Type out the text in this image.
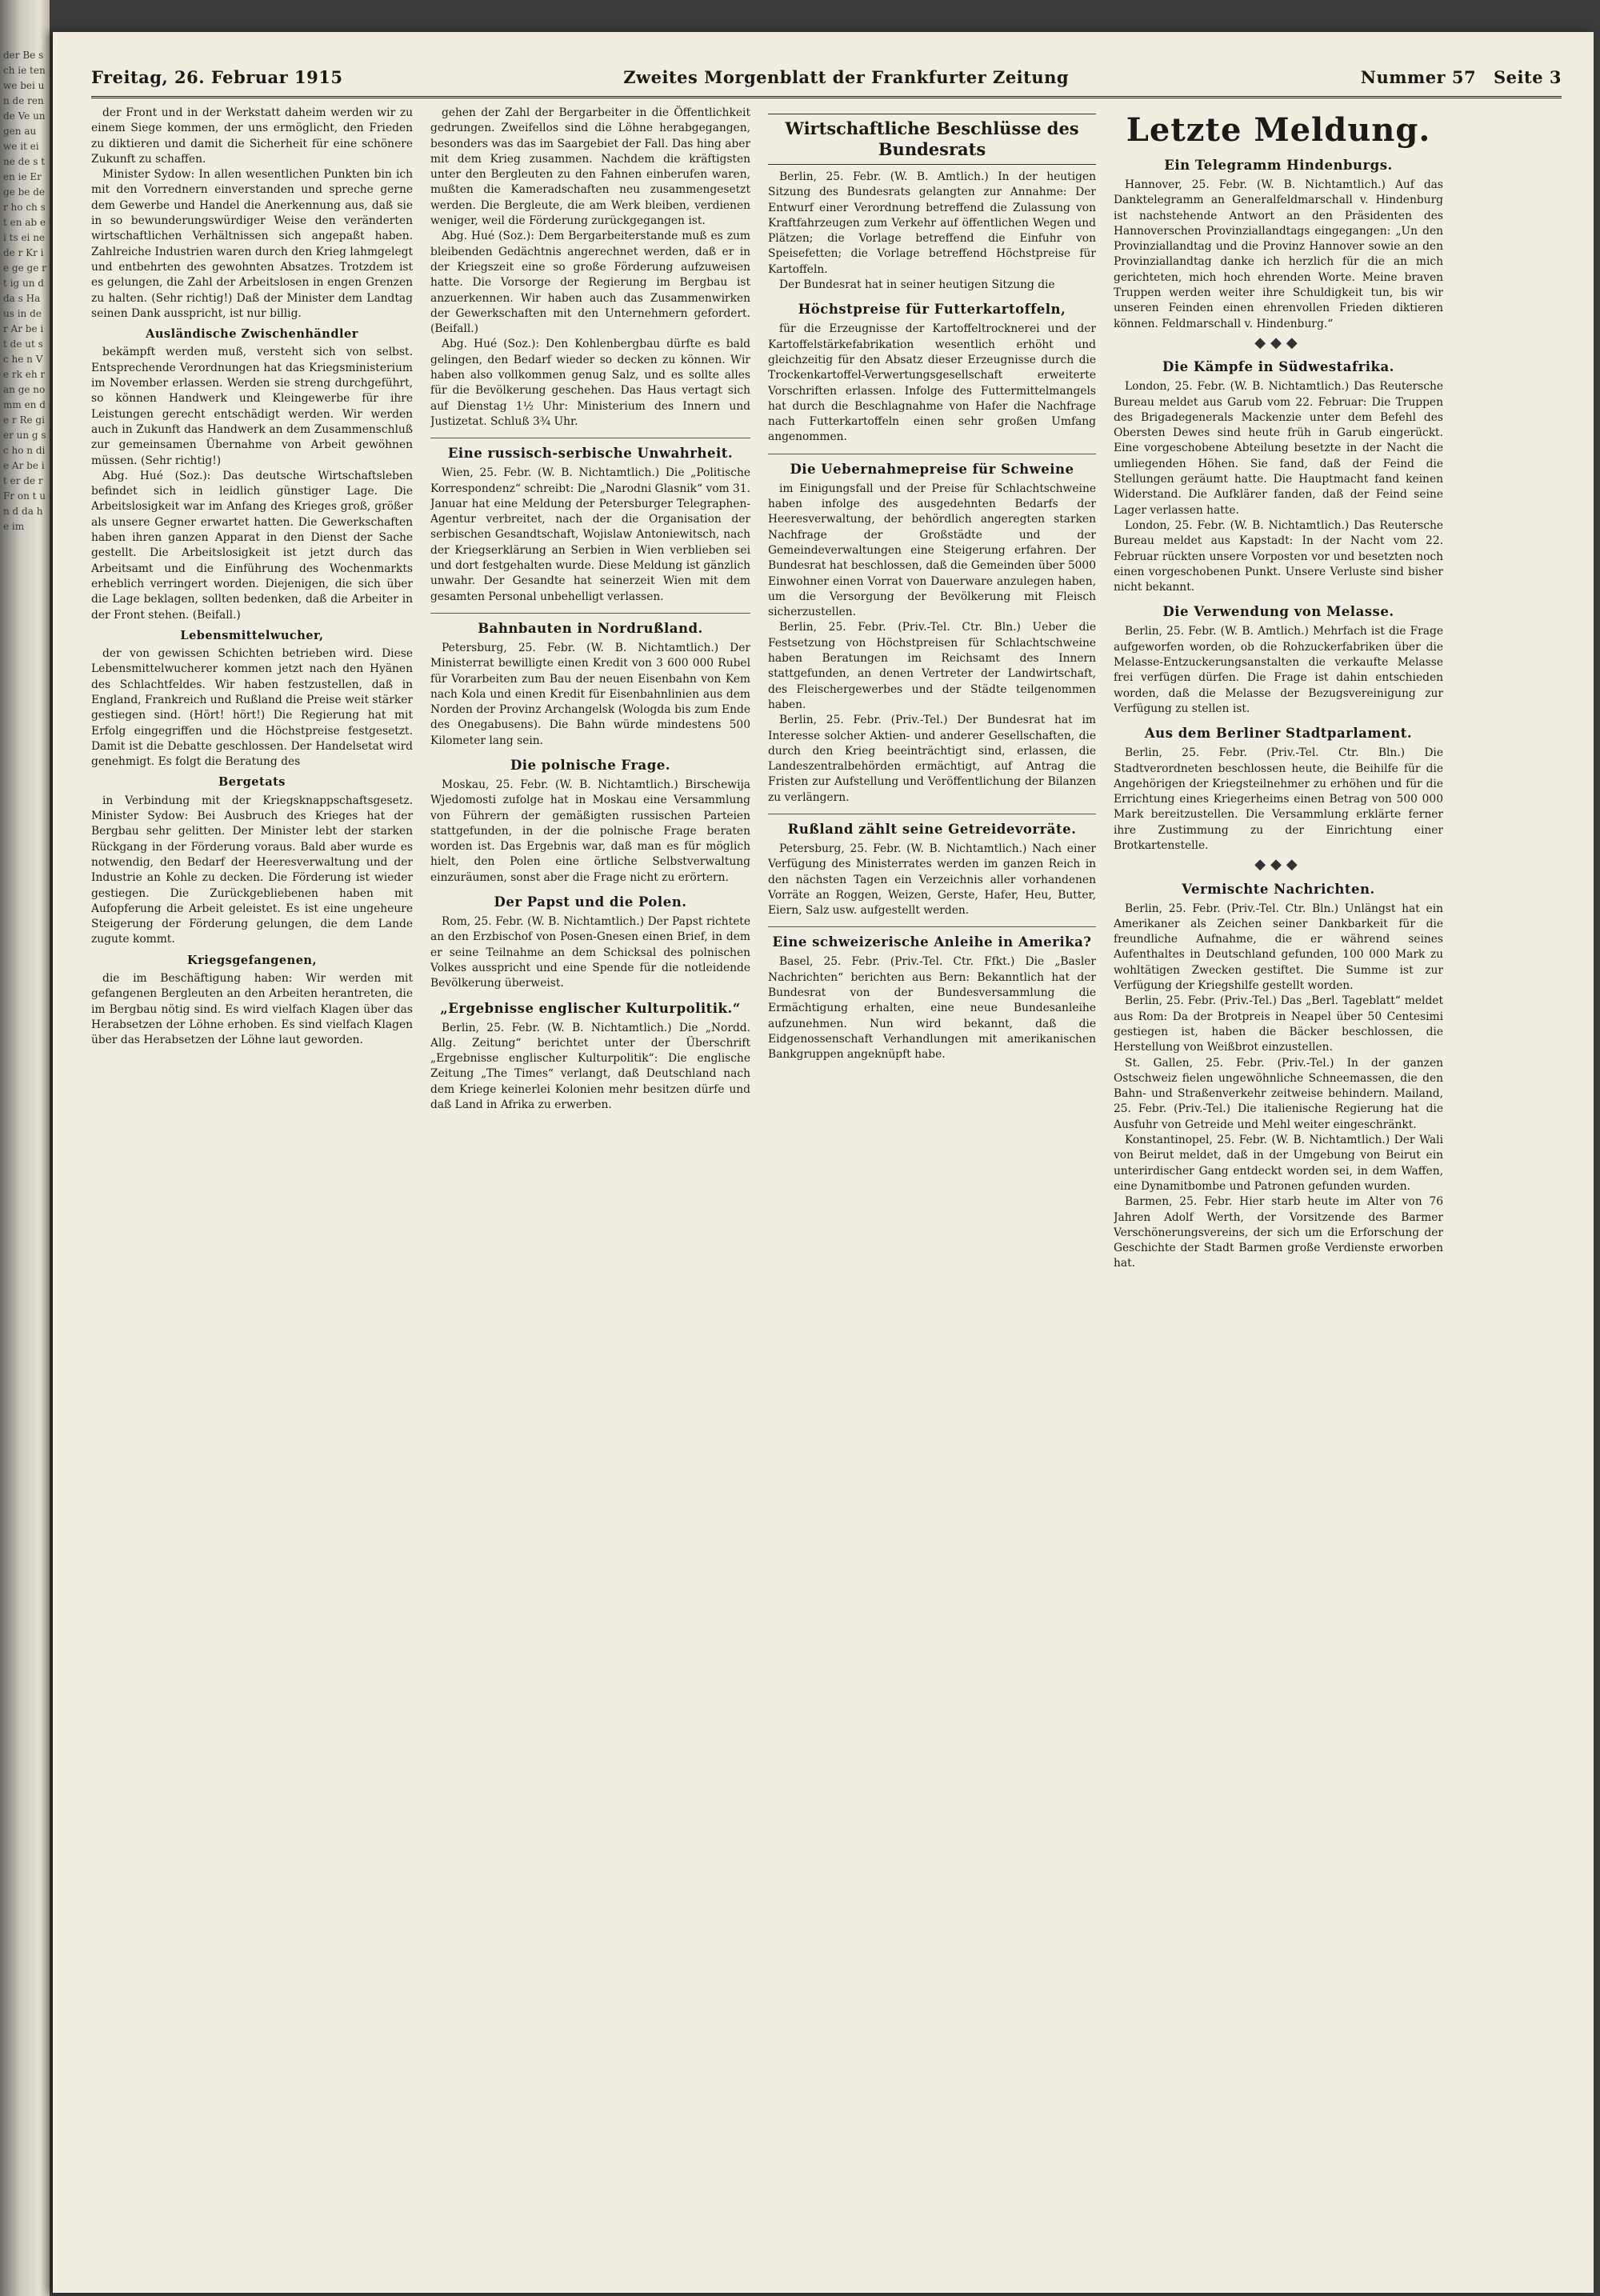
der Be sch ie ten we bei un de ren de Ve un gen au we it ei ne de s ten ie Er ge be de r ho ch st en ab ei ts ei ne de r Kr ie ge ge rt ig un d da s Ha us in de r Ar be it de ut sc he n Ve rk eh r an ge no mm en de r Re gi er un g sc ho n di e Ar be it er de r Fr on t un d da he im
Freitag, 26. Februar 1915	Zweites Morgenblatt der Frankfurter Zeitung	Nummer 57 Seite 3

der Front und in der Werkstatt daheim werden wir zu einem Siege kommen, der uns ermöglicht, den Frieden zu diktieren und damit die Sicherheit für eine schönere Zukunft zu schaffen.

Minister Sydow: In allen wesentlichen Punkten bin ich mit den Vorrednern einverstanden und spreche gerne dem Gewerbe und Handel die Anerkennung aus, daß sie in so bewunderungswürdiger Weise den veränderten wirtschaftlichen Verhältnissen sich angepaßt haben. Zahlreiche Industrien waren durch den Krieg lahmgelegt und entbehrten des gewohnten Absatzes. Trotzdem ist es gelungen, die Zahl der Arbeitslosen in engen Grenzen zu halten. (Sehr richtig!) Daß der Minister dem Landtag seinen Dank ausspricht, ist nur billig.

Ausländische Zwischenhändler

bekämpft werden muß, versteht sich von selbst. Entsprechende Verordnungen hat das Kriegsministerium im November erlassen. Werden sie streng durchgeführt, so können Handwerk und Kleingewerbe für ihre Leistungen gerecht entschädigt werden. Wir werden auch in Zukunft das Handwerk an dem Zusammenschluß zur gemeinsamen Übernahme von Arbeit gewöhnen müssen. (Sehr richtig!)

Abg. Hué (Soz.): Das deutsche Wirtschaftsleben befindet sich in leidlich günstiger Lage. Die Arbeitslosigkeit war im Anfang des Krieges groß, größer als unsere Gegner erwartet hatten. Die Gewerkschaften haben ihren ganzen Apparat in den Dienst der Sache gestellt. Die Arbeitslosigkeit ist jetzt durch das Arbeitsamt und die Einführung des Wochenmarkts erheblich verringert worden. Diejenigen, die sich über die Lage beklagen, sollten bedenken, daß die Arbeiter in der Front stehen. (Beifall.)

Lebensmittelwucher,

der von gewissen Schichten betrieben wird. Diese Lebensmittelwucherer kommen jetzt nach den Hyänen des Schlachtfeldes. Wir haben festzustellen, daß in England, Frankreich und Rußland die Preise weit stärker gestiegen sind. (Hört! hört!) Die Regierung hat mit Erfolg eingegriffen und die Höchstpreise festgesetzt. Damit ist die Debatte geschlossen. Der Handelsetat wird genehmigt. Es folgt die Beratung des

Bergetats

in Verbindung mit der Kriegsknappschaftsgesetz. Minister Sydow: Bei Ausbruch des Krieges hat der Bergbau sehr gelitten. Der Minister lebt der starken Rückgang in der Förderung voraus. Bald aber wurde es notwendig, den Bedarf der Heeresverwaltung und der Industrie an Kohle zu decken. Die Förderung ist wieder gestiegen. Die Zurückgebliebenen haben mit Aufopferung die Arbeit geleistet. Es ist eine ungeheure Steigerung der Förderung gelungen, die dem Lande zugute kommt.

Kriegsgefangenen,

die im Beschäftigung haben: Wir werden mit gefangenen Bergleuten an den Arbeiten herantreten, die im Bergbau nötig sind. Es wird vielfach Klagen über das Herabsetzen der Löhne erhoben. Es sind vielfach Klagen über das Herabsetzen der Löhne laut geworden.

gehen der Zahl der Bergarbeiter in die Öffentlichkeit gedrungen. Zweifellos sind die Löhne herabgegangen, besonders was das im Saargebiet der Fall. Das hing aber mit dem Krieg zusammen. Nachdem die kräftigsten unter den Bergleuten zu den Fahnen einberufen waren, mußten die Kameradschaften neu zusammengesetzt werden. Die Bergleute, die am Werk bleiben, verdienen weniger, weil die Förderung zurückgegangen ist.

Abg. Hué (Soz.): Dem Bergarbeiterstande muß es zum bleibenden Gedächtnis angerechnet werden, daß er in der Kriegszeit eine so große Förderung aufzuweisen hatte. Die Vorsorge der Regierung im Bergbau ist anzuerkennen. Wir haben auch das Zusammenwirken der Gewerkschaften mit den Unternehmern gefordert. (Beifall.)

Abg. Hué (Soz.): Den Kohlenbergbau dürfte es bald gelingen, den Bedarf wieder so decken zu können. Wir haben also vollkommen genug Salz, und es sollte alles für die Bevölkerung geschehen. Das Haus vertagt sich auf Dienstag 1½ Uhr: Ministerium des Innern und Justizetat. Schluß 3¾ Uhr.

Eine russisch-serbische Unwahrheit.

Wien, 25. Febr. (W. B. Nichtamtlich.) Die „Politische Korrespondenz“ schreibt: Die „Narodni Glasnik“ vom 31. Januar hat eine Meldung der Petersburger Telegraphen-Agentur verbreitet, nach der die Organisation der serbischen Gesandtschaft, Wojislaw Antoniewitsch, nach der Kriegserklärung an Serbien in Wien verblieben sei und dort festgehalten wurde. Diese Meldung ist gänzlich unwahr. Der Gesandte hat seinerzeit Wien mit dem gesamten Personal unbehelligt verlassen.

Bahnbauten in Nordrußland.

Petersburg, 25. Febr. (W. B. Nichtamtlich.) Der Ministerrat bewilligte einen Kredit von 3 600 000 Rubel für Vorarbeiten zum Bau der neuen Eisenbahn von Kem nach Kola und einen Kredit für Eisenbahnlinien aus dem Norden der Provinz Archangelsk (Wologda bis zum Ende des Onegabusens). Die Bahn würde mindestens 500 Kilometer lang sein.

Die polnische Frage.

Moskau, 25. Febr. (W. B. Nichtamtlich.) Birschewija Wjedomosti zufolge hat in Moskau eine Versammlung von Führern der gemäßigten russischen Parteien stattgefunden, in der die polnische Frage beraten worden ist. Das Ergebnis war, daß man es für möglich hielt, den Polen eine örtliche Selbstverwaltung einzuräumen, sonst aber die Frage nicht zu erörtern.

Der Papst und die Polen.

Rom, 25. Febr. (W. B. Nichtamtlich.) Der Papst richtete an den Erzbischof von Posen-Gnesen einen Brief, in dem er seine Teilnahme an dem Schicksal des polnischen Volkes ausspricht und eine Spende für die notleidende Bevölkerung überweist.

„Ergebnisse englischer Kulturpolitik.“

Berlin, 25. Febr. (W. B. Nichtamtlich.) Die „Nordd. Allg. Zeitung“ berichtet unter der Überschrift „Ergebnisse englischer Kulturpolitik“: Die englische Zeitung „The Times“ verlangt, daß Deutschland nach dem Kriege keinerlei Kolonien mehr besitzen dürfe und daß Land in Afrika zu erwerben.

Wirtschaftliche Beschlüsse des Bundesrats

Berlin, 25. Febr. (W. B. Amtlich.) In der heutigen Sitzung des Bundesrats gelangten zur Annahme: Der Entwurf einer Verordnung betreffend die Zulassung von Kraftfahrzeugen zum Verkehr auf öffentlichen Wegen und Plätzen; die Vorlage betreffend die Einfuhr von Speisefetten; die Vorlage betreffend Höchstpreise für Kartoffeln.

Der Bundesrat hat in seiner heutigen Sitzung die

Höchstpreise für Futterkartoffeln,

für die Erzeugnisse der Kartoffeltrocknerei und der Kartoffelstärkefabrikation wesentlich erhöht und gleichzeitig für den Absatz dieser Erzeugnisse durch die Trockenkartoffel-Verwertungsgesellschaft erweiterte Vorschriften erlassen. Infolge des Futtermittelmangels hat durch die Beschlagnahme von Hafer die Nachfrage nach Futterkartoffeln einen sehr großen Umfang angenommen.

Die Uebernahmepreise für Schweine

im Einigungsfall und der Preise für Schlachtschweine haben infolge des ausgedehnten Bedarfs der Heeresverwaltung, der behördlich angeregten starken Nachfrage der Großstädte und der Gemeindeverwaltungen eine Steigerung erfahren. Der Bundesrat hat beschlossen, daß die Gemeinden über 5000 Einwohner einen Vorrat von Dauerware anzulegen haben, um die Versorgung der Bevölkerung mit Fleisch sicherzustellen.

Berlin, 25. Febr. (Priv.-Tel. Ctr. Bln.) Ueber die Festsetzung von Höchstpreisen für Schlachtschweine haben Beratungen im Reichsamt des Innern stattgefunden, an denen Vertreter der Landwirtschaft, des Fleischergewerbes und der Städte teilgenommen haben.

Berlin, 25. Febr. (Priv.-Tel.) Der Bundesrat hat im Interesse solcher Aktien- und anderer Gesellschaften, die durch den Krieg beeinträchtigt sind, erlassen, die Landeszentralbehörden ermächtigt, auf Antrag die Fristen zur Aufstellung und Veröffentlichung der Bilanzen zu verlängern.

Rußland zählt seine Getreidevorräte.

Petersburg, 25. Febr. (W. B. Nichtamtlich.) Nach einer Verfügung des Ministerrates werden im ganzen Reich in den nächsten Tagen ein Verzeichnis aller vorhandenen Vorräte an Roggen, Weizen, Gerste, Hafer, Heu, Butter, Eiern, Salz usw. aufgestellt werden.

Eine schweizerische Anleihe in Amerika?

Basel, 25. Febr. (Priv.-Tel. Ctr. Ffkt.) Die „Basler Nachrichten“ berichten aus Bern: Bekanntlich hat der Bundesrat von der Bundesversammlung die Ermächtigung erhalten, eine neue Bundesanleihe aufzunehmen. Nun wird bekannt, daß die Eidgenossenschaft Verhandlungen mit amerikanischen Bankgruppen angeknüpft habe.

Letzte Meldung.
Ein Telegramm Hindenburgs.

Hannover, 25. Febr. (W. B. Nichtamtlich.) Auf das Danktelegramm an Generalfeldmarschall v. Hindenburg ist nachstehende Antwort an den Präsidenten des Hannoverschen Provinziallandtags eingegangen: „Un den Provinziallandtag und die Provinz Hannover sowie an den Provinziallandtag danke ich herzlich für die an mich gerichteten, mich hoch ehrenden Worte. Meine braven Truppen werden weiter ihre Schuldigkeit tun, bis wir unseren Feinden einen ehrenvollen Frieden diktieren können. Feldmarschall v. Hindenburg.“

◆◆◆
Die Kämpfe in Südwestafrika.

London, 25. Febr. (W. B. Nichtamtlich.) Das Reutersche Bureau meldet aus Garub vom 22. Februar: Die Truppen des Brigadegenerals Mackenzie unter dem Befehl des Obersten Dewes sind heute früh in Garub eingerückt. Eine vorgeschobene Abteilung besetzte in der Nacht die umliegenden Höhen. Sie fand, daß der Feind die Stellungen geräumt hatte. Die Hauptmacht fand keinen Widerstand. Die Aufklärer fanden, daß der Feind seine Lager verlassen hatte.

London, 25. Febr. (W. B. Nichtamtlich.) Das Reutersche Bureau meldet aus Kapstadt: In der Nacht vom 22. Februar rückten unsere Vorposten vor und besetzten noch einen vorgeschobenen Punkt. Unsere Verluste sind bisher nicht bekannt.

Die Verwendung von Melasse.

Berlin, 25. Febr. (W. B. Amtlich.) Mehrfach ist die Frage aufgeworfen worden, ob die Rohzuckerfabriken über die Melasse-Entzuckerungsanstalten die verkaufte Melasse frei verfügen dürfen. Die Frage ist dahin entschieden worden, daß die Melasse der Bezugsvereinigung zur Verfügung zu stellen ist.

Aus dem Berliner Stadtparlament.

Berlin, 25. Febr. (Priv.-Tel. Ctr. Bln.) Die Stadtverordneten beschlossen heute, die Beihilfe für die Angehörigen der Kriegsteilnehmer zu erhöhen und für die Errichtung eines Kriegerheims einen Betrag von 500 000 Mark bereitzustellen. Die Versammlung erklärte ferner ihre Zustimmung zu der Einrichtung einer Brotkartenstelle.

◆◆◆
Vermischte Nachrichten.

Berlin, 25. Febr. (Priv.-Tel. Ctr. Bln.) Unlängst hat ein Amerikaner als Zeichen seiner Dankbarkeit für die freundliche Aufnahme, die er während seines Aufenthaltes in Deutschland gefunden, 100 000 Mark zu wohltätigen Zwecken gestiftet. Die Summe ist zur Verfügung der Kriegshilfe gestellt worden.

Berlin, 25. Febr. (Priv.-Tel.) Das „Berl. Tageblatt“ meldet aus Rom: Da der Brotpreis in Neapel über 50 Centesimi gestiegen ist, haben die Bäcker beschlossen, die Herstellung von Weißbrot einzustellen.

St. Gallen, 25. Febr. (Priv.-Tel.) In der ganzen Ostschweiz fielen ungewöhnliche Schneemassen, die den Bahn- und Straßenverkehr zeitweise behindern. Mailand, 25. Febr. (Priv.-Tel.) Die italienische Regierung hat die Ausfuhr von Getreide und Mehl weiter eingeschränkt.

Konstantinopel, 25. Febr. (W. B. Nichtamtlich.) Der Wali von Beirut meldet, daß in der Umgebung von Beirut ein unterirdischer Gang entdeckt worden sei, in dem Waffen, eine Dynamitbombe und Patronen gefunden wurden.

Barmen, 25. Febr. Hier starb heute im Alter von 76 Jahren Adolf Werth, der Vorsitzende des Barmer Verschönerungsvereins, der sich um die Erforschung der Geschichte der Stadt Barmen große Verdienste erworben hat.
